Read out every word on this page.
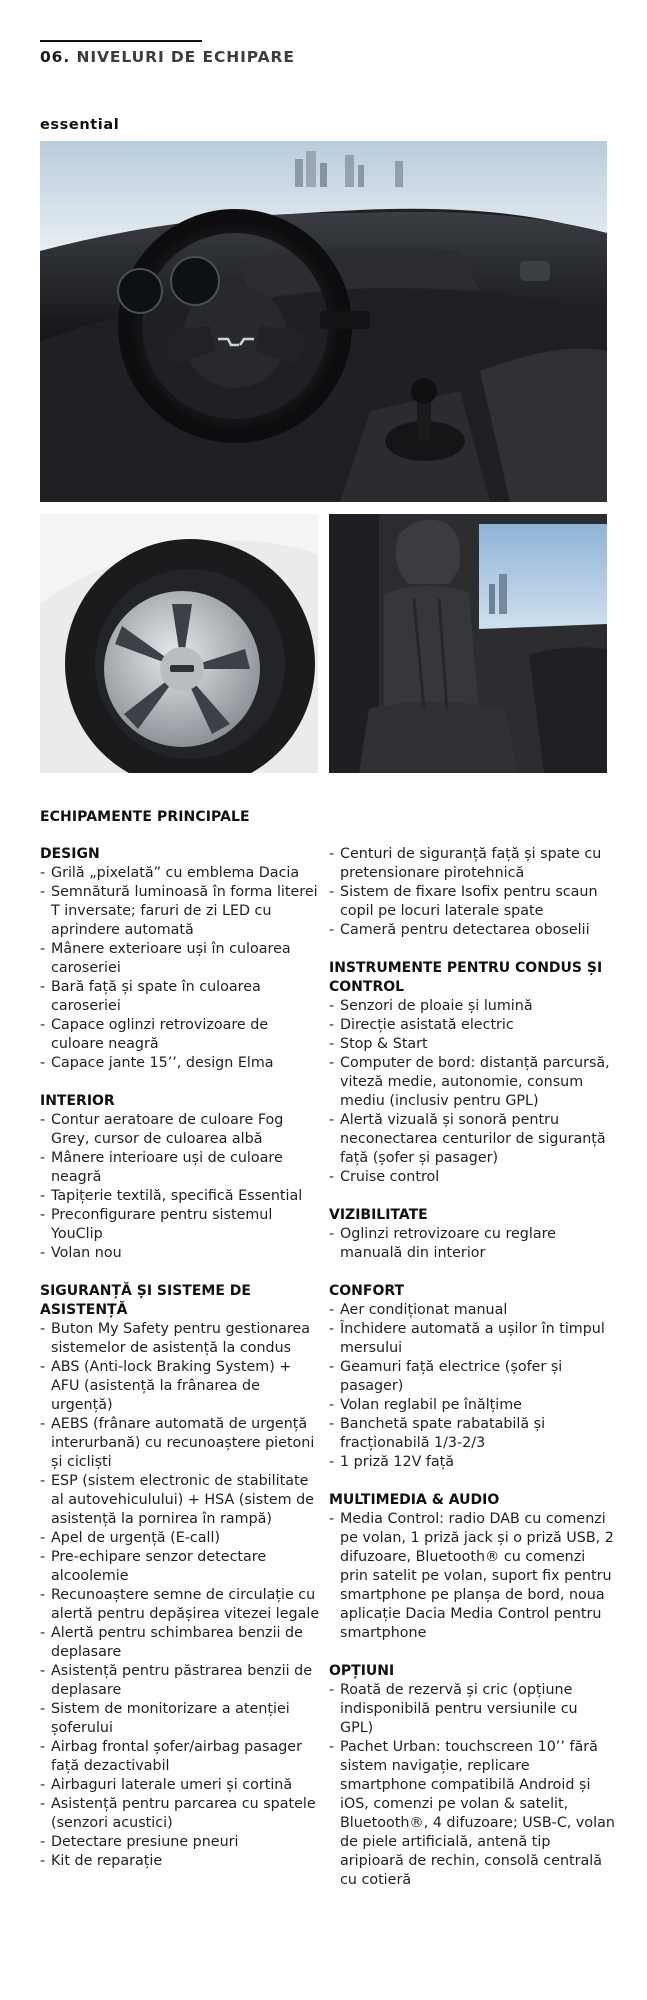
06. NIVELURI DE ECHIPARE
essential
ECHIPAMENTE PRINCIPALE
DESIGN
- Grilă „pixelată” cu emblema Dacia
- Semnătură luminoasă în forma literei T inversate; faruri de zi LED cu aprindere automată
- Mânere exterioare uși în culoarea caroseriei
- Bară față și spate în culoarea caroseriei
- Capace oglinzi retrovizoare de culoare neagră
- Capace jante 15’’, design Elma
INTERIOR
- Contur aeratoare de culoare Fog Grey, cursor de culoarea albă
- Mânere interioare uși de culoare neagră
- Tapițerie textilă, specifică Essential
- Preconfigurare pentru sistemul YouClip
- Volan nou
SIGURANȚĂ ȘI SISTEME DE ASISTENȚĂ
- Buton My Safety pentru gestionarea sistemelor de asistență la condus
- ABS (Anti-lock Braking System) + AFU (asistență la frânarea de urgență)
- AEBS (frânare automată de urgență interurbană) cu recunoaștere pietoni și cicliști
- ESP (sistem electronic de stabilitate al autovehiculului) + HSA (sistem de asistență la pornirea în rampă)
- Apel de urgență (E-call)
- Pre-echipare senzor detectare alcoolemie
- Recunoaștere semne de circulație cu alertă pentru depășirea vitezei legale
- Alertă pentru schimbarea benzii de deplasare
- Asistență pentru păstrarea benzii de deplasare
- Sistem de monitorizare a atenției șoferului
- Airbag frontal șofer/airbag pasager față dezactivabil
- Airbaguri laterale umeri și cortină
- Asistență pentru parcarea cu spatele (senzori acustici)
- Detectare presiune pneuri
- Kit de reparație
- Centuri de siguranță față și spate cu pretensionare pirotehnică
- Sistem de fixare Isofix pentru scaun copil pe locuri laterale spate
- Cameră pentru detectarea oboselii
INSTRUMENTE PENTRU CONDUS ȘI CONTROL
- Senzori de ploaie și lumină
- Direcție asistată electric
- Stop & Start
- Computer de bord: distanță parcursă, viteză medie, autonomie, consum mediu (inclusiv pentru GPL)
- Alertă vizuală și sonoră pentru neconectarea centurilor de siguranță față (șofer și pasager)
- Cruise control
VIZIBILITATE
- Oglinzi retrovizoare cu reglare manuală din interior
CONFORT
- Aer condiționat manual
- Închidere automată a ușilor în timpul mersului
- Geamuri față electrice (șofer și pasager)
- Volan reglabil pe înălțime
- Banchetă spate rabatabilă și fracționabilă 1/3-2/3
- 1 priză 12V față
MULTIMEDIA & AUDIO
- Media Control: radio DAB cu comenzi pe volan, 1 priză jack și o priză USB, 2 difuzoare, Bluetooth® cu comenzi prin satelit pe volan, suport fix pentru smartphone pe planșa de bord, noua aplicație Dacia Media Control pentru smartphone
OPȚIUNI
- Roată de rezervă și cric (opțiune indisponibilă pentru versiunile cu GPL)
- Pachet Urban: touchscreen 10’’ fără sistem navigație, replicare smartphone compatibilă Android și iOS, comenzi pe volan & satelit, Bluetooth®, 4 difuzoare; USB-C, volan de piele artificială, antenă tip aripioară de rechin, consolă centrală cu cotieră
